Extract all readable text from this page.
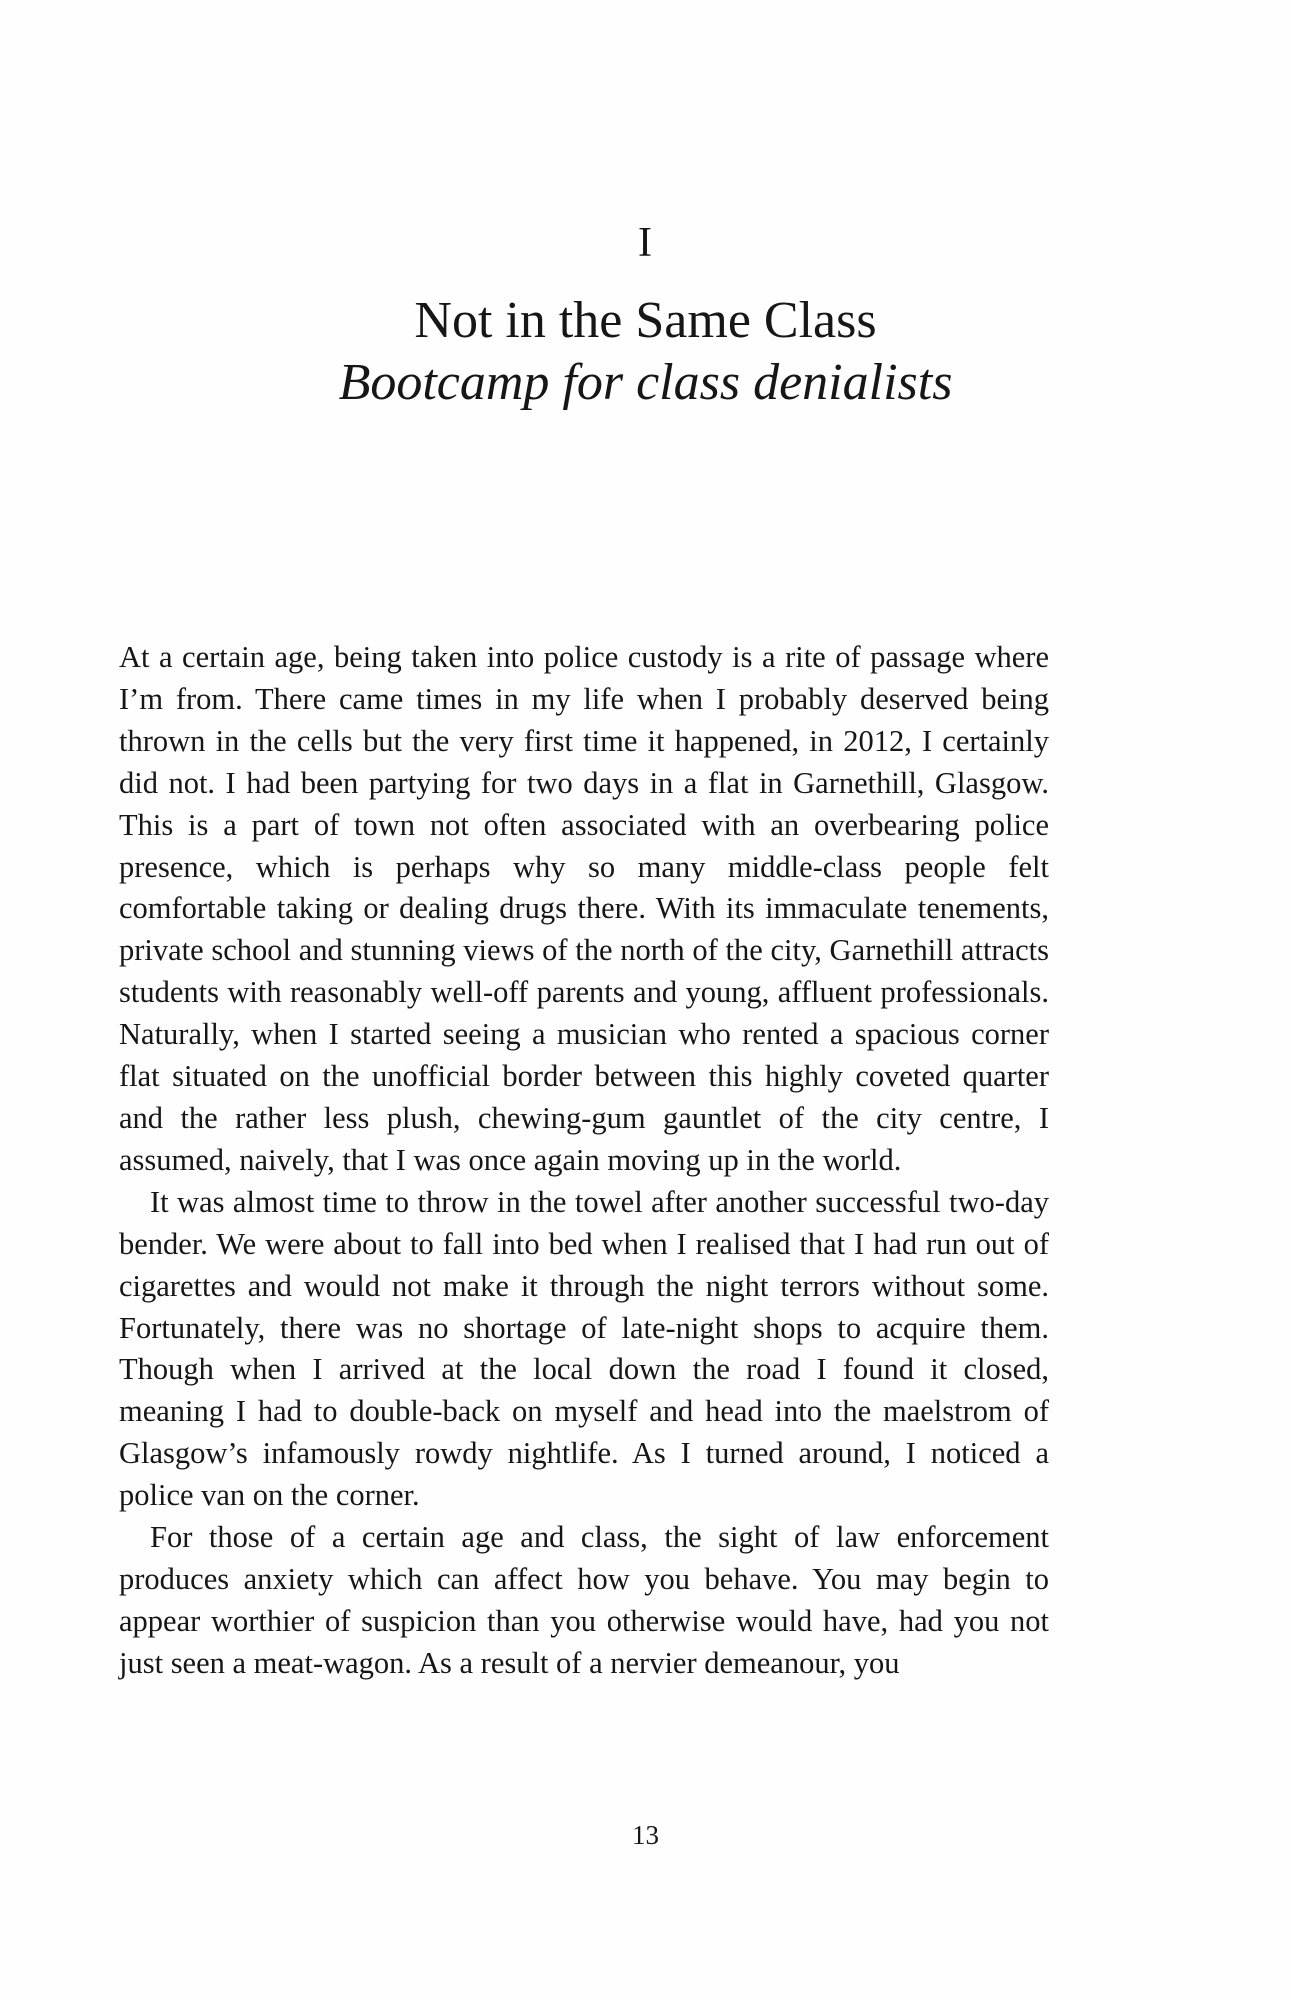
I
Not in the Same Class
Bootcamp for class denialists

At a certain age, being taken into police custody is a rite of passage where I’m from. There came times in my life when I probably deserved being thrown in the cells but the very first time it happened, in 2012, I certainly did not. I had been partying for two days in a flat in Garnethill, Glasgow. This is a part of town not often associated with an overbearing police presence, which is perhaps why so many middle-class people felt comfortable taking or dealing drugs there. With its immaculate tenements, private school and stunning views of the north of the city, Garnethill attracts students with reasonably well-off parents and young, affluent professionals. Naturally, when I started seeing a musician who rented a spacious corner flat situated on the unofficial border between this highly coveted quarter and the rather less plush, chewing-gum gauntlet of the city centre, I assumed, naively, that I was once again moving up in the world.

It was almost time to throw in the towel after another successful two-day bender. We were about to fall into bed when I realised that I had run out of cigarettes and would not make it through the night terrors without some. Fortunately, there was no shortage of late-night shops to acquire them. Though when I arrived at the local down the road I found it closed, meaning I had to double-back on myself and head into the maelstrom of Glasgow’s infamously rowdy nightlife. As I turned around, I noticed a police van on the corner.

For those of a certain age and class, the sight of law enforcement produces anxiety which can affect how you behave. You may begin to appear worthier of suspicion than you otherwise would have, had you not just seen a meat-wagon. As a result of a nervier demeanour, you

13
